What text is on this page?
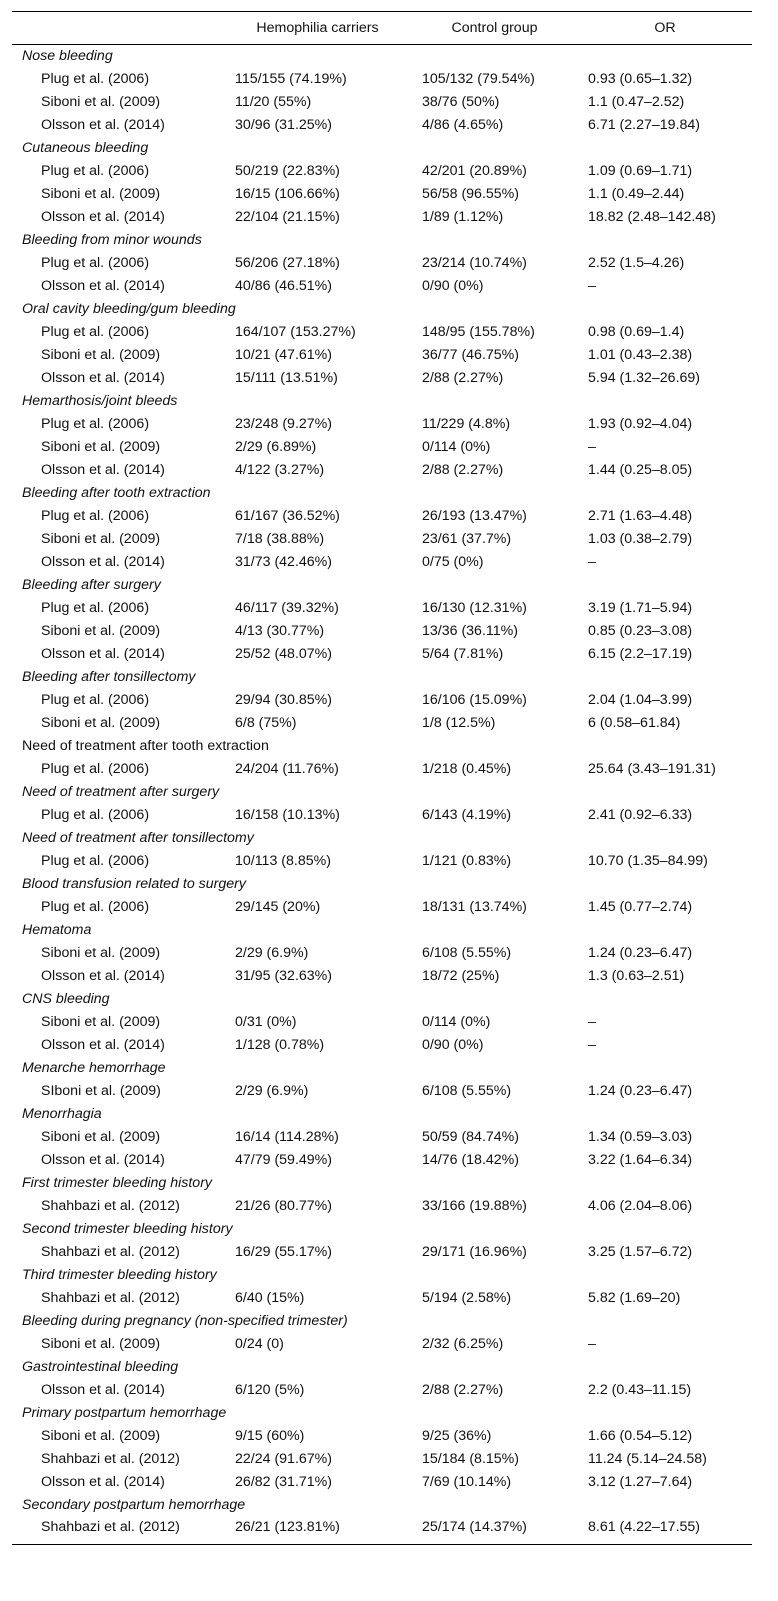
	Hemophilia carriers	Control group	OR
Nose bleeding			
Plug et al. (2006)	115/155 (74.19%)	105/132 (79.54%)	0.93 (0.65–1.32)
Siboni et al. (2009)	11/20 (55%)	38/76 (50%)	1.1 (0.47–2.52)
Olsson et al. (2014)	30/96 (31.25%)	4/86 (4.65%)	6.71 (2.27–19.84)
Cutaneous bleeding			
Plug et al. (2006)	50/219 (22.83%)	42/201 (20.89%)	1.09 (0.69–1.71)
Siboni et al. (2009)	16/15 (106.66%)	56/58 (96.55%)	1.1 (0.49–2.44)
Olsson et al. (2014)	22/104 (21.15%)	1/89 (1.12%)	18.82 (2.48–142.48)
Bleeding from minor wounds			
Plug et al. (2006)	56/206 (27.18%)	23/214 (10.74%)	2.52 (1.5–4.26)
Olsson et al. (2014)	40/86 (46.51%)	0/90 (0%)	–
Oral cavity bleeding/gum bleeding			
Plug et al. (2006)	164/107 (153.27%)	148/95 (155.78%)	0.98 (0.69–1.4)
Siboni et al. (2009)	10/21 (47.61%)	36/77 (46.75%)	1.01 (0.43–2.38)
Olsson et al. (2014)	15/111 (13.51%)	2/88 (2.27%)	5.94 (1.32–26.69)
Hemarthosis/joint bleeds			
Plug et al. (2006)	23/248 (9.27%)	11/229 (4.8%)	1.93 (0.92–4.04)
Siboni et al. (2009)	2/29 (6.89%)	0/114 (0%)	–
Olsson et al. (2014)	4/122 (3.27%)	2/88 (2.27%)	1.44 (0.25–8.05)
Bleeding after tooth extraction			
Plug et al. (2006)	61/167 (36.52%)	26/193 (13.47%)	2.71 (1.63–4.48)
Siboni et al. (2009)	7/18 (38.88%)	23/61 (37.7%)	1.03 (0.38–2.79)
Olsson et al. (2014)	31/73 (42.46%)	0/75 (0%)	–
Bleeding after surgery			
Plug et al. (2006)	46/117 (39.32%)	16/130 (12.31%)	3.19 (1.71–5.94)
Siboni et al. (2009)	4/13 (30.77%)	13/36 (36.11%)	0.85 (0.23–3.08)
Olsson et al. (2014)	25/52 (48.07%)	5/64 (7.81%)	6.15 (2.2–17.19)
Bleeding after tonsillectomy			
Plug et al. (2006)	29/94 (30.85%)	16/106 (15.09%)	2.04 (1.04–3.99)
Siboni et al. (2009)	6/8 (75%)	1/8 (12.5%)	6 (0.58–61.84)
Need of treatment after tooth extraction			
Plug et al. (2006)	24/204 (11.76%)	1/218 (0.45%)	25.64 (3.43–191.31)
Need of treatment after surgery			
Plug et al. (2006)	16/158 (10.13%)	6/143 (4.19%)	2.41 (0.92–6.33)
Need of treatment after tonsillectomy			
Plug et al. (2006)	10/113 (8.85%)	1/121 (0.83%)	10.70 (1.35–84.99)
Blood transfusion related to surgery			
Plug et al. (2006)	29/145 (20%)	18/131 (13.74%)	1.45 (0.77–2.74)
Hematoma			
Siboni et al. (2009)	2/29 (6.9%)	6/108 (5.55%)	1.24 (0.23–6.47)
Olsson et al. (2014)	31/95 (32.63%)	18/72 (25%)	1.3 (0.63–2.51)
CNS bleeding			
Siboni et al. (2009)	0/31 (0%)	0/114 (0%)	–
Olsson et al. (2014)	1/128 (0.78%)	0/90 (0%)	–
Menarche hemorrhage			
SIboni et al. (2009)	2/29 (6.9%)	6/108 (5.55%)	1.24 (0.23–6.47)
Menorrhagia			
Siboni et al. (2009)	16/14 (114.28%)	50/59 (84.74%)	1.34 (0.59–3.03)
Olsson et al. (2014)	47/79 (59.49%)	14/76 (18.42%)	3.22 (1.64–6.34)
First trimester bleeding history			
Shahbazi et al. (2012)	21/26 (80.77%)	33/166 (19.88%)	4.06 (2.04–8.06)
Second trimester bleeding history			
Shahbazi et al. (2012)	16/29 (55.17%)	29/171 (16.96%)	3.25 (1.57–6.72)
Third trimester bleeding history			
Shahbazi et al. (2012)	6/40 (15%)	5/194 (2.58%)	5.82 (1.69–20)
Bleeding during pregnancy (non-specified trimester)			
Siboni et al. (2009)	0/24 (0)	2/32 (6.25%)	–
Gastrointestinal bleeding			
Olsson et al. (2014)	6/120 (5%)	2/88 (2.27%)	2.2 (0.43–11.15)
Primary postpartum hemorrhage			
Siboni et al. (2009)	9/15 (60%)	9/25 (36%)	1.66 (0.54–5.12)
Shahbazi et al. (2012)	22/24 (91.67%)	15/184 (8.15%)	11.24 (5.14–24.58)
Olsson et al. (2014)	26/82 (31.71%)	7/69 (10.14%)	3.12 (1.27–7.64)
Secondary postpartum hemorrhage			
Shahbazi et al. (2012)	26/21 (123.81%)	25/174 (14.37%)	8.61 (4.22–17.55)
